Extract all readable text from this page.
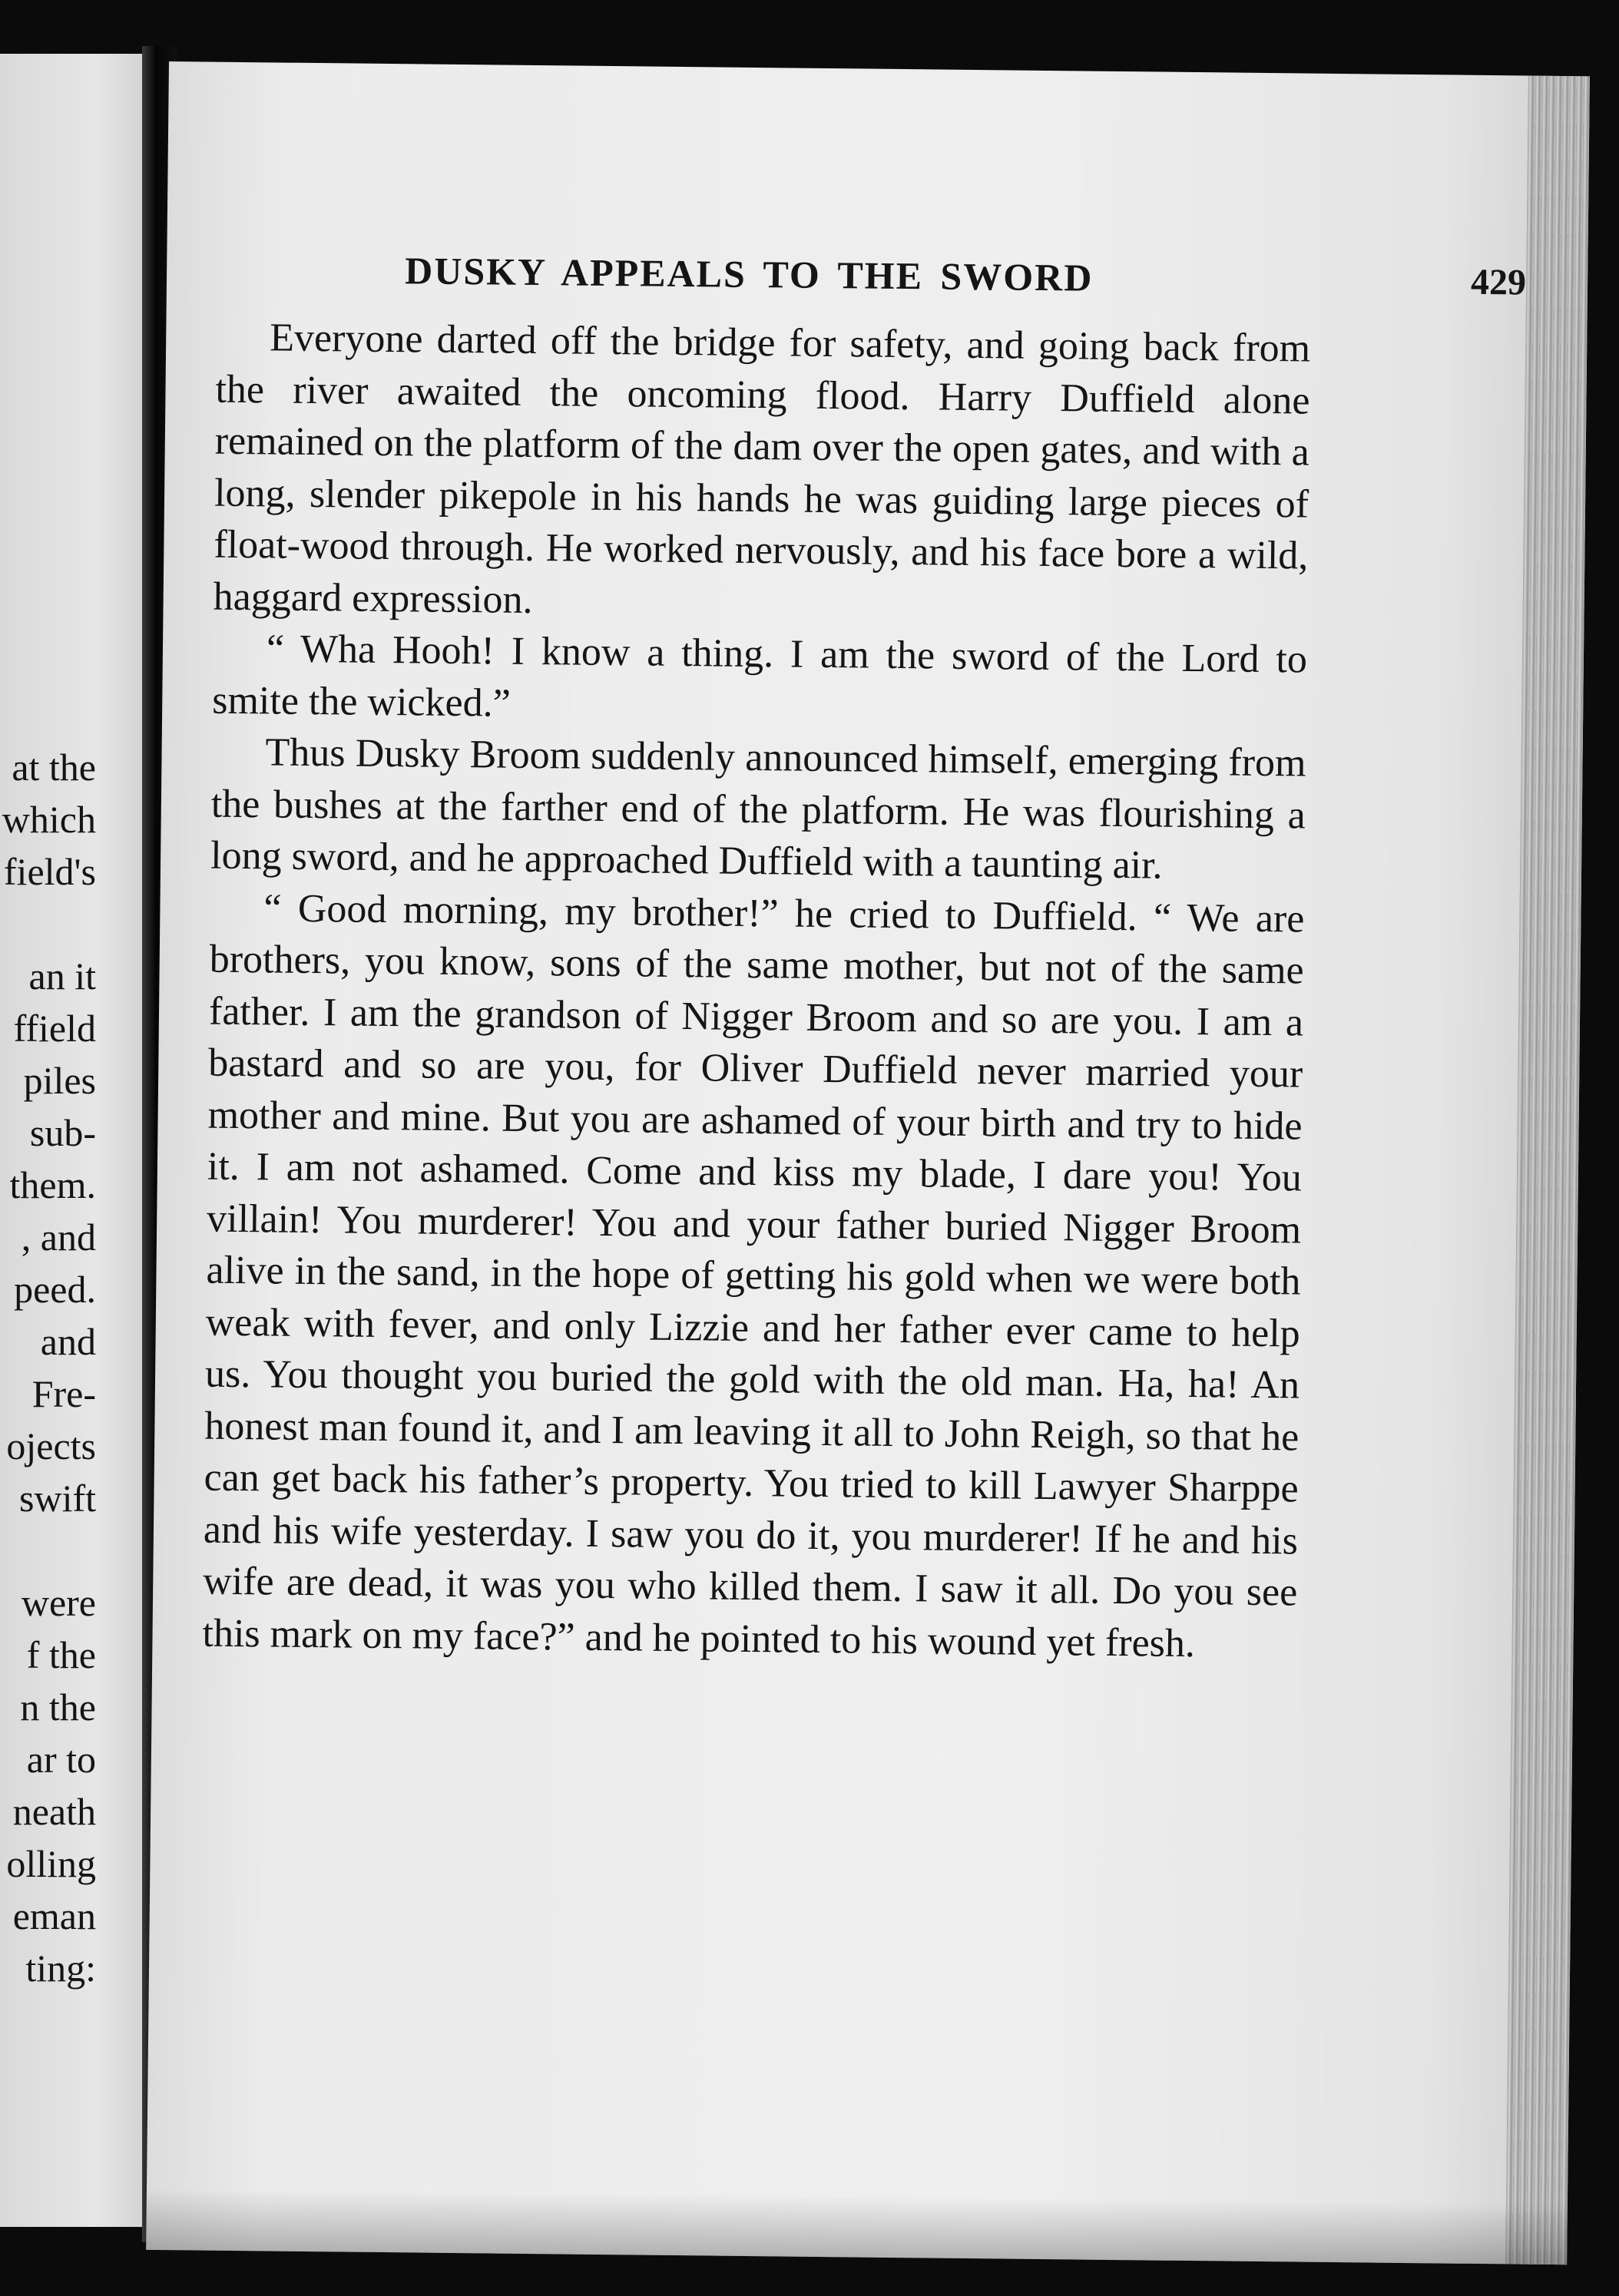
at the
which
field's
an it
ffield
piles
sub-
them.
, and
peed.
and
Fre-
ojects
swift
were
f the
n the
ar to
neath
olling
eman
ting:
DUSKY APPEALS TO THE SWORD	429

Everyone darted off the bridge for safety, and going back from the river awaited the oncoming flood. Harry Duffield alone remained on the platform of the dam over the open gates, and with a long, slender pikepole in his hands he was guiding large pieces of float-wood through. He worked nervously, and his face bore a wild, haggard expression.

“ Wha Hooh! I know a thing. I am the sword of the Lord to smite the wicked.”

Thus Dusky Broom suddenly announced himself, emerging from the bushes at the farther end of the platform. He was flourishing a long sword, and he approached Duffield with a taunting air.

“ Good morning, my brother!” he cried to Duffield. “ We are brothers, you know, sons of the same mother, but not of the same father. I am the grandson of Nigger Broom and so are you. I am a bastard and so are you, for Oliver Duffield never married your mother and mine. But you are ashamed of your birth and try to hide it. I am not ashamed. Come and kiss my blade, I dare you! You villain! You murderer! You and your father buried Nigger Broom alive in the sand, in the hope of getting his gold when we were both weak with fever, and only Lizzie and her father ever came to help us. You thought you buried the gold with the old man. Ha, ha! An honest man found it, and I am leaving it all to John Reigh, so that he can get back his father’s property. You tried to kill Lawyer Sharppe and his wife yesterday. I saw you do it, you murderer! If he and his wife are dead, it was you who killed them. I saw it all. Do you see this mark on my face?” and he pointed to his wound yet fresh.
